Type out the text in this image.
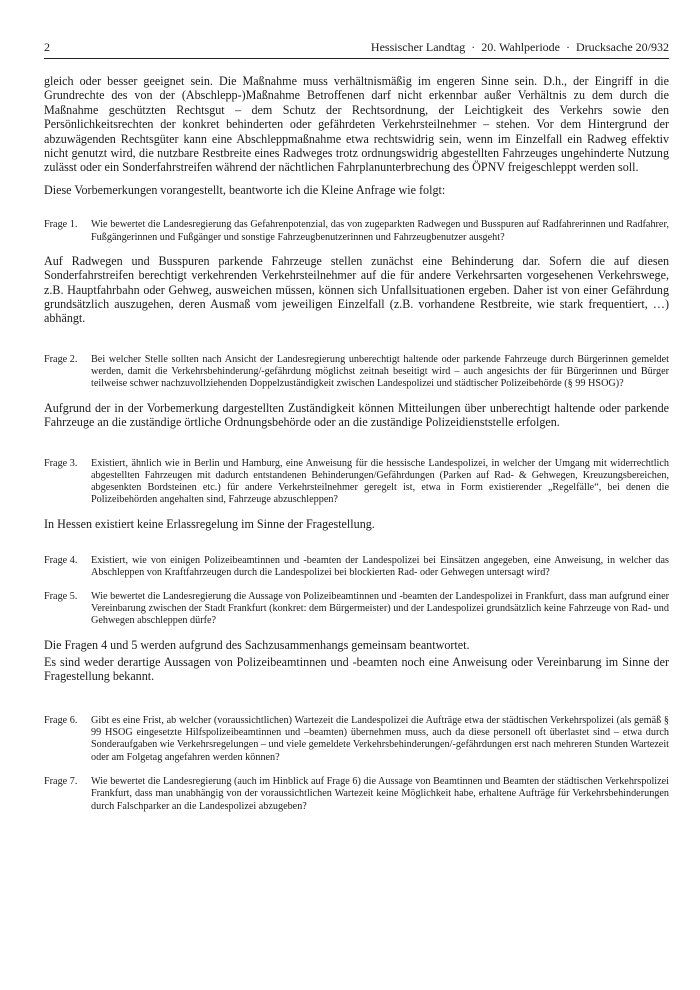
2	Hessischer Landtag · 20. Wahlperiode · Drucksache 20/932

gleich oder besser geeignet sein. Die Maßnahme muss verhältnismäßig im engeren Sinne sein. D.h., der Eingriff in die Grundrechte des von der (Abschlepp-)Maßnahme Betroffenen darf nicht erkennbar außer Verhältnis zu dem durch die Maßnahme geschützten Rechtsgut – dem Schutz der Rechtsordnung, der Leichtigkeit des Verkehrs sowie den Persönlichkeitsrechten der konkret behinderten oder gefährdeten Verkehrsteilnehmer – stehen. Vor dem Hintergrund der abzuwägenden Rechtsgüter kann eine Abschleppmaßnahme etwa rechtswidrig sein, wenn im Einzelfall ein Radweg effektiv nicht genutzt wird, die nutzbare Restbreite eines Radweges trotz ordnungswidrig abgestellten Fahrzeuges ungehinderte Nutzung zulässt oder ein Sonderfahrstreifen während der nächtlichen Fahrplanunterbrechung des ÖPNV freigeschleppt werden soll.

Diese Vorbemerkungen vorangestellt, beantworte ich die Kleine Anfrage wie folgt:

Frage 1.	Wie bewertet die Landesregierung das Gefahrenpotenzial, das von zugeparkten Radwegen und Busspuren auf Radfahrerinnen und Radfahrer, Fußgängerinnen und Fußgänger und sonstige Fahrzeugbenutzerinnen und Fahrzeugbenutzer ausgeht?

Auf Radwegen und Busspuren parkende Fahrzeuge stellen zunächst eine Behinderung dar. Sofern die auf diesen Sonderfahrstreifen berechtigt verkehrenden Verkehrsteilnehmer auf die für andere Verkehrsarten vorgesehenen Verkehrswege, z.B. Hauptfahrbahn oder Gehweg, ausweichen müssen, können sich Unfallsituationen ergeben. Daher ist von einer Gefährdung grundsätzlich auszugehen, deren Ausmaß vom jeweiligen Einzelfall (z.B. vorhandene Restbreite, wie stark frequentiert, …) abhängt.

Frage 2.	Bei welcher Stelle sollten nach Ansicht der Landesregierung unberechtigt haltende oder parkende Fahrzeuge durch Bürgerinnen gemeldet werden, damit die Verkehrsbehinderung/-gefährdung möglichst zeitnah beseitigt wird – auch angesichts der für Bürgerinnen und Bürger teilweise schwer nachzuvollziehenden Doppelzuständigkeit zwischen Landespolizei und städtischer Polizeibehörde (§ 99 HSOG)?

Aufgrund der in der Vorbemerkung dargestellten Zuständigkeit können Mitteilungen über unberechtigt haltende oder parkende Fahrzeuge an die zuständige örtliche Ordnungsbehörde oder an die zuständige Polizeidienststelle erfolgen.

Frage 3.	Existiert, ähnlich wie in Berlin und Hamburg, eine Anweisung für die hessische Landespolizei, in welcher der Umgang mit widerrechtlich abgestellten Fahrzeugen mit dadurch entstandenen Behinderungen/Gefährdungen (Parken auf Rad- & Gehwegen, Kreuzungsbereichen, abgesenkten Bordsteinen etc.) für andere Verkehrsteilnehmer geregelt ist, etwa in Form existierender „Regelfälle“, bei denen die Polizeibehörden angehalten sind, Fahrzeuge abzuschleppen?

In Hessen existiert keine Erlassregelung im Sinne der Fragestellung.

Frage 4.	Existiert, wie von einigen Polizeibeamtinnen und -beamten der Landespolizei bei Einsätzen angegeben, eine Anweisung, in welcher das Abschleppen von Kraftfahrzeugen durch die Landespolizei bei blockierten Rad- oder Gehwegen untersagt wird?
Frage 5.	Wie bewertet die Landesregierung die Aussage von Polizeibeamtinnen und -beamten der Landespolizei in Frankfurt, dass man aufgrund einer Vereinbarung zwischen der Stadt Frankfurt (konkret: dem Bürgermeister) und der Landespolizei grundsätzlich keine Fahrzeuge von Rad- und Gehwegen abschleppen dürfe?

Die Fragen 4 und 5 werden aufgrund des Sachzusammenhangs gemeinsam beantwortet.

Es sind weder derartige Aussagen von Polizeibeamtinnen und -beamten noch eine Anweisung oder Vereinbarung im Sinne der Fragestellung bekannt.

Frage 6.	Gibt es eine Frist, ab welcher (voraussichtlichen) Wartezeit die Landespolizei die Aufträge etwa der städtischen Verkehrspolizei (als gemäß § 99 HSOG eingesetzte Hilfspolizeibeamtinnen und –beamten) übernehmen muss, auch da diese personell oft überlastet sind – etwa durch Sonderaufgaben wie Verkehrsregelungen – und viele gemeldete Verkehrsbehinderungen/-gefährdungen erst nach mehreren Stunden Wartezeit oder am Folgetag angefahren werden können?
Frage 7.	Wie bewertet die Landesregierung (auch im Hinblick auf Frage 6) die Aussage von Beamtinnen und Beamten der städtischen Verkehrspolizei Frankfurt, dass man unabhängig von der voraussichtlichen Wartezeit keine Möglichkeit habe, erhaltene Aufträge für Verkehrsbehinderungen durch Falschparker an die Landespolizei abzugeben?
